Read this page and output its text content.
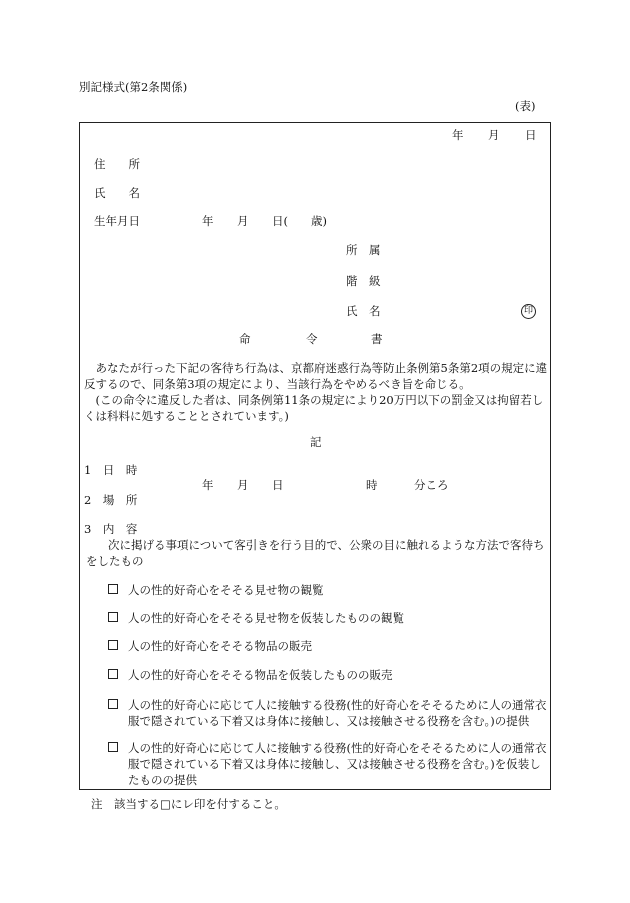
別記様式(第2条関係)
(表)
年 月 日
住　　所
氏　　名
生年月日	年 月 日(　　歳)
所　属
階　級
氏　名	印
命	令	書
　あなたが行った下記の客待ち行為は、京都府迷惑行為等防止条例第5条第2項の規定に違反するので、同条第3項の規定により、当該行為をやめるべき旨を命じる。
　(この命令に違反した者は、同条例第11条の規定により20万円以下の罰金又は拘留若しくは科料に処することとされています。)
記
1　日　時
年 月 日	時	分ころ
2　場　所
3　内　容
次に掲げる事項について客引きを行う目的で、公衆の目に触れるような方法で客待ちをしたもの
人の性的好奇心をそそる見せ物の観覧
人の性的好奇心をそそる見せ物を仮装したものの観覧
人の性的好奇心をそそる物品の販売
人の性的好奇心をそそる物品を仮装したものの販売
人の性的好奇心に応じて人に接触する役務(性的好奇心をそそるために人の通常衣服で隠されている下着又は身体に接触し、又は接触させる役務を含む。)の提供
人の性的好奇心に応じて人に接触する役務(性的好奇心をそそるために人の通常衣服で隠されている下着又は身体に接触し、又は接触させる役務を含む。)を仮装したものの提供
注　該当する□にレ印を付すること。
